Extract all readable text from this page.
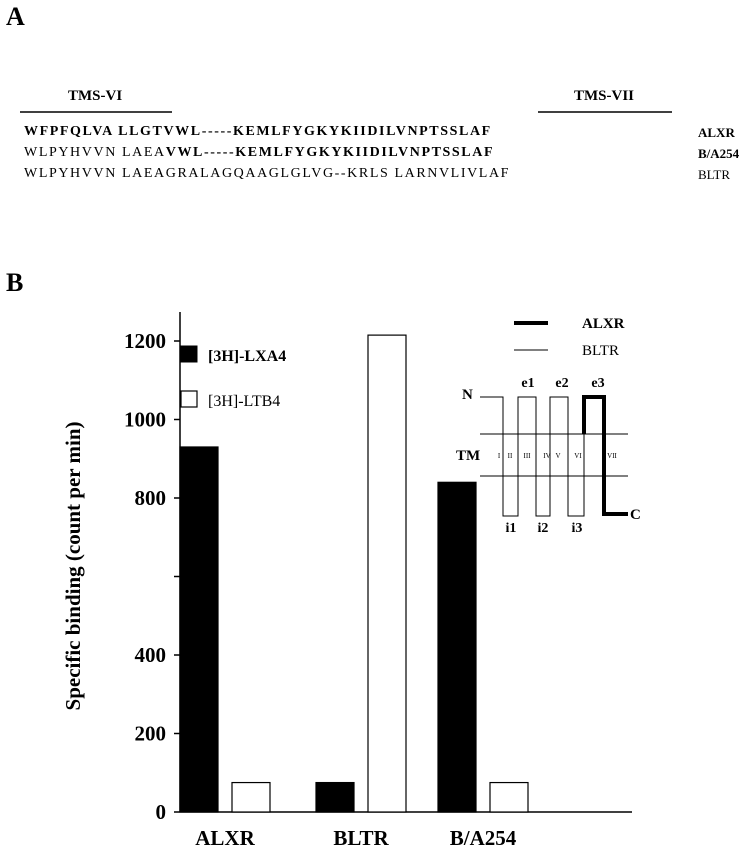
A
TMS-VI	TMS-VII
WFPFQLVA LLGTVWL-----KEMLFYGKYKIIDILVNPTSSLAF	ALXR
WLPYHVVN LAEAVWL-----KEMLFYGKYKIIDILVNPTSSLAF	B/A254
WLPYHVVN LAEAGRALAGQAAGLGLVG--KRLS LARNVLIVLAF	BLTR
B
0
200
400
800
1000
1200
Specific binding (count per min)
ALXR	BLTR	B/A254
[3H]-LXA4
[3H]-LTB4
ALXR
BLTR
N
C
TM
e1 e2 e3
i1 i2 i3
I II III IV V VI	VII
